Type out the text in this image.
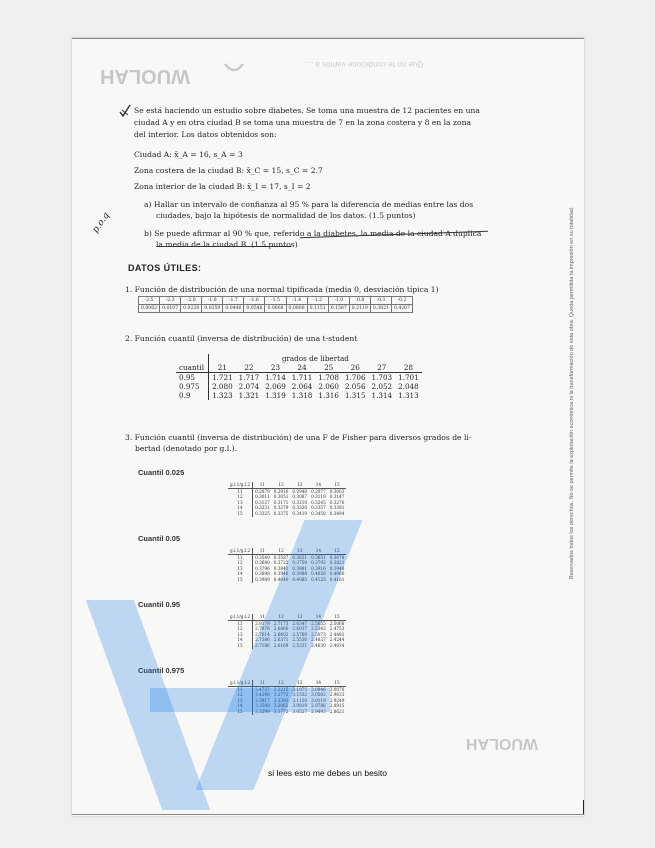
WUOLAH
WUOLAH
Que no te condicione vamos a ...
Se está haciendo un estudio sobre diabetes. Se toma una muestra de 12 pacientes en una
ciudad A y en otra ciudad B se toma una muestra de 7 en la zona costera y 8 en la zona
del interior. Los datos obtenidos son:
Ciudad A: x̄_A = 16, s_A = 3
Zona costera de la ciudad B: x̄_C = 15, s_C = 2.7
Zona interior de la ciudad B: x̄_I = 17, s_I = 2
p.o.q
a) Hallar un intervalo de confianza al 95 % para la diferencia de medias entre las dos
ciudades, bajo la hipótesis de normalidad de los datos. (1.5 puntos)
b) Se puede afirmar al 90 % que, referido a la diabetes, la media de la ciudad A duplica
la media de la ciudad B. (1.5 puntos)
DATOS ÚTILES:
1. Función de distribución de una normal tipificada (media 0, desviación típica 1)
-2.5	-2.3	-2.0	-1.8	-1.7	-1.6	-1.5	-1.4	-1.2	-1.0	-0.8	-0.3	-0.2
0.0062	0.0107	0.0228	0.0359	0.0446	0.0548	0.0668	0.0808	0.1151	0.1587	0.2119	0.3821	0.4207
2. Función cuantil (inversa de distribución) de una t-student
	grados de libertad							
cuantil	21	22	23	24	25	26	27	28
0.95	1.721	1.717	1.714	1.711	1.708	1.706	1.703	1.701
0.975	2.080	2.074	2.069	2.064	2.060	2.056	2.052	2.048
0.9	1.323	1.321	1.319	1.318	1.316	1.315	1.314	1.313
3. Función cuantil (inversa de distribución) de una F de Fisher para diversos grados de li-
bertad (denotado por g.l.).
Cuantil 0.025
g.l.1/g.l.2	11	12	13	14	15
11	0.2879	0.2916	0.2948	0.2977	0.3003
12	0.3011	0.3051	0.3087	0.3119	0.3147
13	0.3127	0.3171	0.3210	0.3245	0.3276
14	0.3231	0.3279	0.3320	0.3357	0.3391
15	0.3325	0.3375	0.3419	0.3458	0.3494
Cuantil 0.05
g.l.1/g.l.2	11	12	13	14	15
11	0.3549	0.3587	0.3621	0.3651	0.3678
12	0.3680	0.3722	0.3759	0.3792	0.3821
13	0.3796	0.3841	0.3881	0.3916	0.3948
14	0.3898	0.3946	0.3988	0.4026	0.4060
15	0.3989	0.4040	0.4085	0.4125	0.4161
Cuantil 0.95
g.l.1/g.l.2	11	12	13	14	15
11	2.8179	2.7173	2.6347	2.5655	2.5068
12	2.7876	2.6866	2.6037	2.5342	2.4753
13	2.7614	2.6602	2.5769	2.5073	2.4481
14	2.7386	2.6371	2.5536	2.4837	2.4244
15	2.7186	2.6169	2.5331	2.4630	2.4034
Cuantil 0.975
g.l.1/g.l.2	11	12	13	14	15
11	3.4737	3.3215	3.1975	3.0946	3.0078
12	3.4296	3.2773	3.1532	3.0502	2.9633
13	3.3917	3.2393	3.1150	3.0119	2.9249
14	3.3588	3.2062	3.0819	2.9786	2.8915
15	3.3299	3.1772	3.0527	2.9493	2.8621
Reservados todos los derechos. No se permite la explotación económica ni la transformación de esta obra. Queda permitida la impresión en su totalidad.
si lees esto me debes un besito
